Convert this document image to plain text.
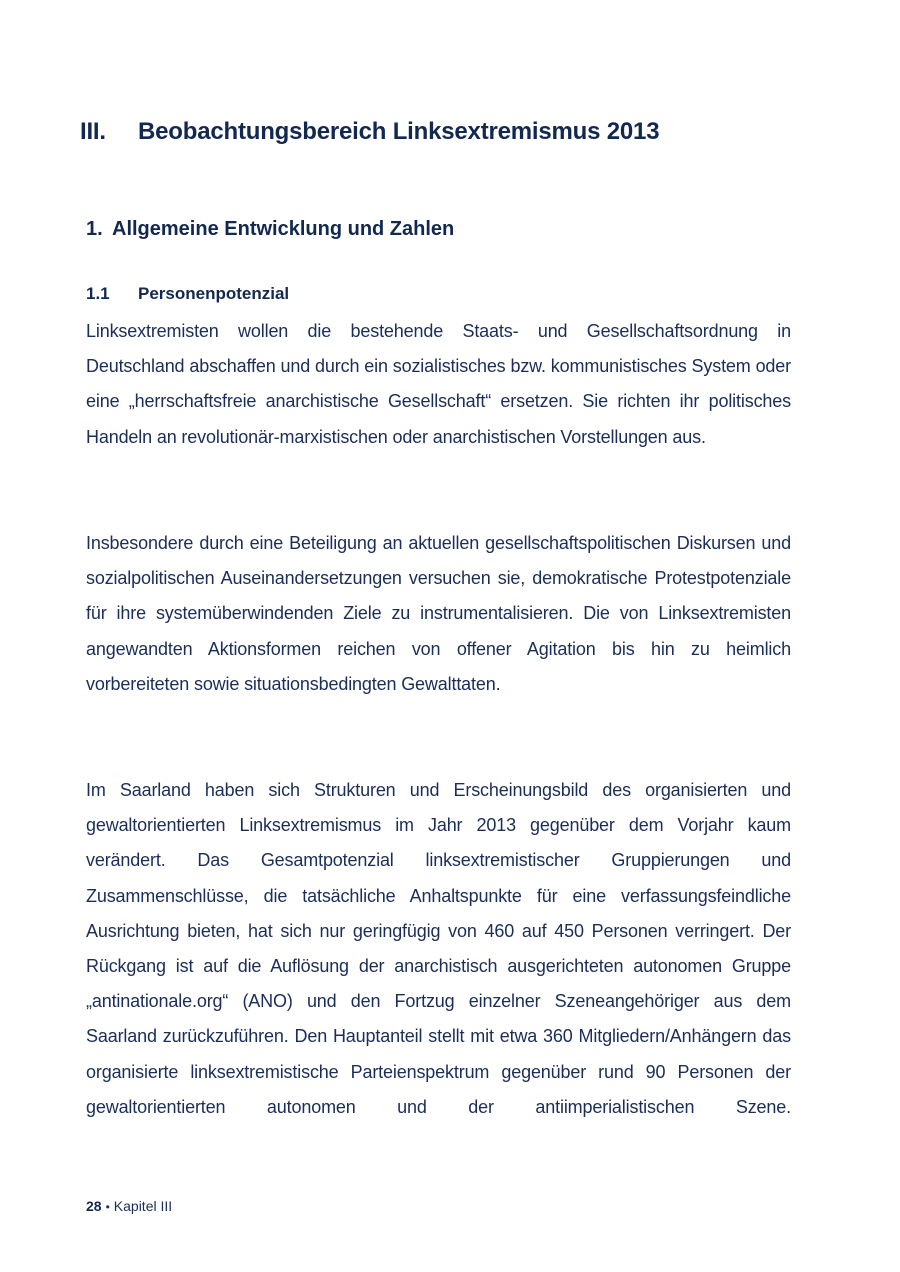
III. Beobachtungsbereich Linksextremismus 2013
1. Allgemeine Entwicklung und Zahlen
1.1 Personenpotenzial

Linksextremisten wollen die bestehende Staats- und Gesellschaftsordnung in Deutschland abschaffen und durch ein sozialistisches bzw. kommunistisches System oder eine „herrschaftsfreie anarchistische Gesellschaft“ ersetzen. Sie richten ihr politisches Handeln an revolutionär-marxistischen oder anarchistischen Vorstellungen aus.

Insbesondere durch eine Beteiligung an aktuellen gesellschaftspolitischen Diskursen und sozialpolitischen Auseinandersetzungen versuchen sie, demokratische Protestpotenziale für ihre systemüberwindenden Ziele zu instrumentalisieren. Die von Linksextremisten angewandten Aktionsformen reichen von offener Agitation bis hin zu heimlich vorbereiteten sowie situationsbedingten Gewalttaten.

Im Saarland haben sich Strukturen und Erscheinungsbild des organisierten und gewaltorientierten Linksextremismus im Jahr 2013 gegenüber dem Vorjahr kaum verändert. Das Gesamtpotenzial linksextremistischer Gruppierungen und Zusammenschlüsse, die tatsächliche Anhaltspunkte für eine verfassungsfeindliche Ausrichtung bieten, hat sich nur geringfügig von 460 auf 450 Personen verringert. Der Rückgang ist auf die Auflösung der anarchistisch ausgerichteten autonomen Gruppe „antinationale.org“ (ANO) und den Fortzug einzelner Szeneangehöriger aus dem Saarland zurückzuführen. Den Hauptanteil stellt mit etwa 360 Mitgliedern/Anhängern das organisierte linksextremistische Parteienspektrum gegenüber rund 90 Personen der gewaltorientierten autonomen und der antiimperialistischen Szene.

28 • Kapitel III
